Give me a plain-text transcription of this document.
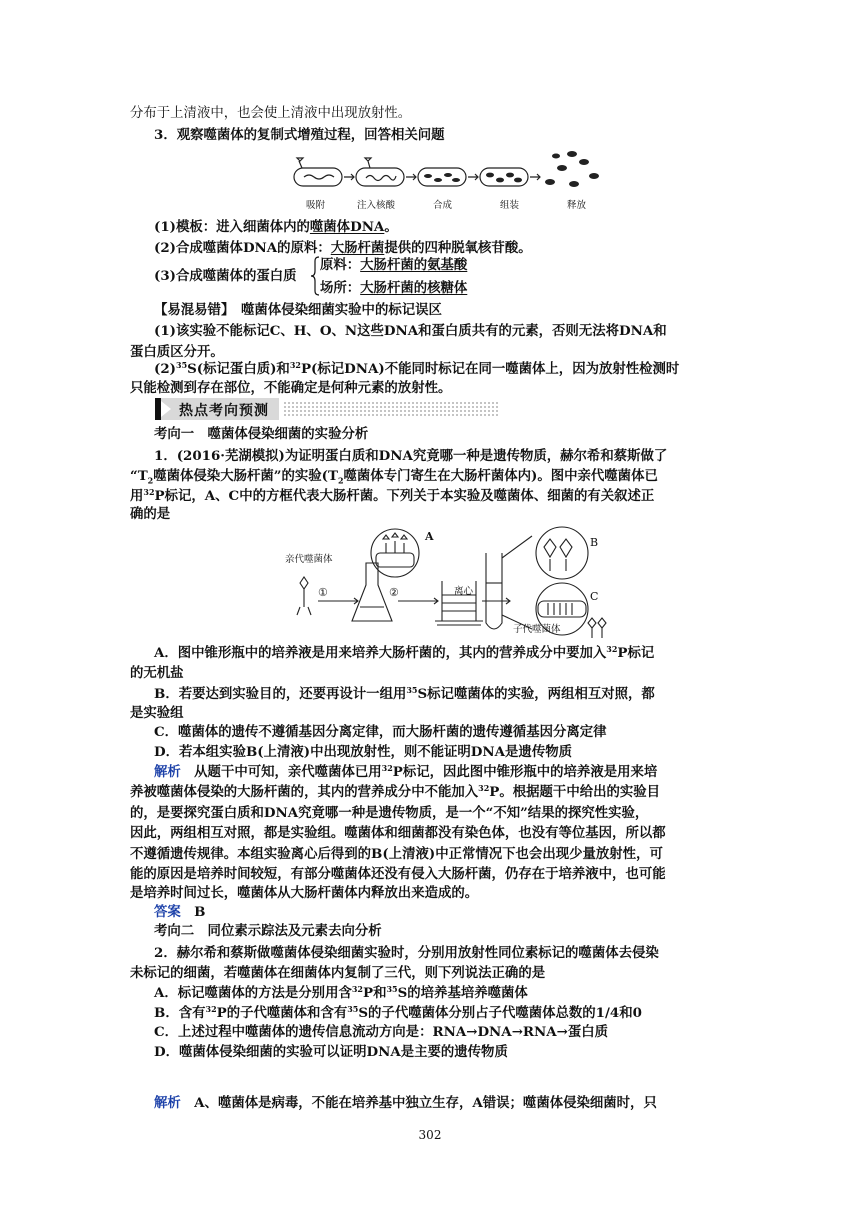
分布于上清液中，也会使上清液中出现放射性。
3．观察噬菌体的复制式增殖过程，回答相关问题
吸附	注入核酸	合成	组装	释放
(1)模板：进入细菌体内的噬菌体DNA。
(2)合成噬菌体DNA的原料：大肠杆菌提供的四种脱氧核苷酸。
(3)合成噬菌体的蛋白质
原料：大肠杆菌的氨基酸
场所：大肠杆菌的核糖体
【易混易错】　噬菌体侵染细菌实验中的标记误区
(1)该实验不能标记C、H、O、N这些DNA和蛋白质共有的元素，否则无法将DNA和
蛋白质区分开。
$(2)^{35}S$(标记蛋白质)和$^{32}$P(标记DNA)不能同时标记在同一噬菌体上，因为放射性检测时
只能检测到存在部位，不能确定是何种元素的放射性。
热点考向预测
考向一　噬菌体侵染细菌的实验分析
1．(2016·芜湖模拟)为证明蛋白质和DNA究竟哪一种是遗传物质，赫尔希和蔡斯做了
“$T_2$噬菌体侵染大肠杆菌”的实验($T_2$噬菌体专门寄生在大肠杆菌体内)。图中亲代噬菌体已
用$^{32}$P标记，A、C中的方框代表大肠杆菌。下列关于本实验及噬菌体、细菌的有关叙述正
确的是
亲代噬菌体
①	②
A
离心
B
C
子代噬菌体
A．图中锥形瓶中的培养液是用来培养大肠杆菌的，其内的营养成分中要加入$^{32}$P标记
的无机盐
B．若要达到实验目的，还要再设计一组用$^{35}$S标记噬菌体的实验，两组相互对照，都
是实验组
C．噬菌体的遗传不遵循基因分离定律，而大肠杆菌的遗传遵循基因分离定律
D．若本组实验B(上清液)中出现放射性，则不能证明DNA是遗传物质
解析　从题干中可知，亲代噬菌体已用$^{32}$P标记，因此图中锥形瓶中的培养液是用来培
养被噬菌体侵染的大肠杆菌的，其内的营养成分中不能加入$^{32}$P。根据题干中给出的实验目
的，是要探究蛋白质和DNA究竟哪一种是遗传物质，是一个“不知”结果的探究性实验，
因此，两组相互对照，都是实验组。噬菌体和细菌都没有染色体，也没有等位基因，所以都
不遵循遗传规律。本组实验离心后得到的B(上清液)中正常情况下也会出现少量放射性，可
能的原因是培养时间较短，有部分噬菌体还没有侵入大肠杆菌，仍存在于培养液中，也可能
是培养时间过长，噬菌体从大肠杆菌体内释放出来造成的。
答案　B
考向二　同位素示踪法及元素去向分析
2．赫尔希和蔡斯做噬菌体侵染细菌实验时，分别用放射性同位素标记的噬菌体去侵染
未标记的细菌，若噬菌体在细菌体内复制了三代，则下列说法正确的是
A．标记噬菌体的方法是分别用含$^{32}$P和$^{35}$S的培养基培养噬菌体
B．含有$^{32}$P的子代噬菌体和含有$^{35}$S的子代噬菌体分别占子代噬菌体总数的1/4和0
C．上述过程中噬菌体的遗传信息流动方向是：RNA→DNA→RNA→蛋白质
D．噬菌体侵染细菌的实验可以证明DNA是主要的遗传物质
解析　A、噬菌体是病毒，不能在培养基中独立生存，A错误；噬菌体侵染细菌时，只
302
